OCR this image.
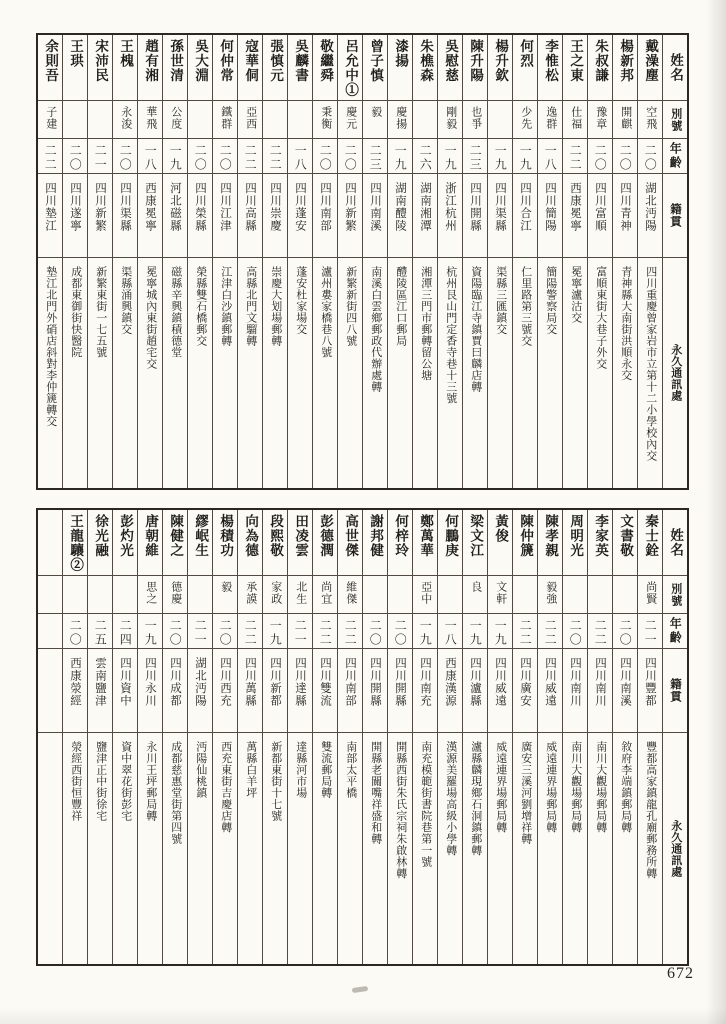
余則吾
子建
二二
四川墊江
墊江北門外硝店斜對李仲篪轉交
王珙
二〇
四川遂寧
成都東御街快醫院
宋沛民
二一
四川新繁
新繁東街一七五號
王槐
永浚
二〇
四川渠縣
渠縣涌興鎮交
趙有湘
華飛
一八
西康冕寧
冕寧城內東街趙宅交
孫世清
公度
一九
河北磁縣
磁縣辛興鎮積德堂
吳大淵
二〇
四川榮縣
榮縣雙石橋郵交
何仲常
鐵群
二〇
四川江津
江津白沙鎮郵轉
寇華侗
亞西
二二
四川高縣
高縣北門文騮轉
張慎元
二二
四川崇慶
崇慶大划場郵轉
吳麟書
一八
四川蓬安
蓬安杜家場交
敬繼舜
秉衡
二〇
四川南部
瀘州婁家橋巷八號
呂允中①
慶元
二〇
四川新繁
新繁新街四八號
曾子慎
毅
二三
四川南溪
南溪白雲鄉郵政代辦處轉
漆揚
慶揚
一九
湖南醴陵
醴陵區江口郵局
朱樵森
二六
湖南湘潭
湘潭三門市郵轉留公塘
吳慰慈
剛毅
一九
浙江杭州
杭州艮山門定香寺巷十三號
陳升陽
也爭
二三
四川開縣
資陽臨江寺鎮賈曰麟店轉
楊升欽
一九
四川渠縣
渠縣三匯鎮交
何烈
少先
一九
四川合江
仁里路第三號交
李惟松
逸群
一八
四川簡陽
簡陽警察局交
王之東
仕福
二二
西康冕寧
冕寧瀘沽交
朱叔謙
豫章
二〇
四川富順
富順東街大巷子外交
楊新邦
開麒
二〇
四川青神
青神縣大南街洪順永交
戴澡塵
空飛
二〇
湖北沔陽
四川重慶曾家岩市立第十二小學校內交
姓名
別號
年齡
籍貫
永久通訊處
王龍驤②
二〇
西康滎經
滎經西街恒豐祥
徐光融
二五
雲南鹽津
鹽津正中街徐宅
彭灼光
二四
四川資中
資中翠花街彭宅
唐朝維
思之
一九
四川永川
永川王坪郵局轉
陳健之
德慶
二〇
四川成都
成都慈惠堂街第四號
繆岷生
二一
湖北沔陽
沔陽仙桃鎮
楊積功
毅
二〇
四川西充
西充東街吉慶店轉
向為德
承謨
二二
四川萬縣
萬縣白羊坪
段熙敬
家政
一九
四川新都
新都東街十七號
田凌雲
北生
二一
四川達縣
達縣河市場
彭德潤
尚宜
二二
四川雙流
雙流郵局轉
高世傑
維傑
二二
四川南部
南部太平橋
謝邦健
二〇
四川開縣
開縣老關嘴祥盛和轉
何梓玲
二〇
四川開縣
開縣西街朱氏宗祠朱啟林轉
鄭萬華
亞中
一九
四川南充
南充模範街書院巷第一號
何鵬庚
一八
西康漢源
漢源美羅場高級小學轉
梁文江
良
一九
四川瀘縣
瀘縣麟現鄉石洞鎮郵轉
黃俊
文軒
一九
四川威遠
威遠連界場郵局轉
陳仲篪
二二
四川廣安
廣安三溪河劉增祥轉
陳孝親
毅強
二二
四川威遠
威遠連界場郵局轉
周明光
二〇
四川南川
南川大觀場郵局轉
李家英
二二
四川南川
南川大觀場郵局轉
文書敬
二〇
四川南溪
敘府李端鎮郵局轉
秦士銓
尚賢
二一
四川豐都
豐都高家鎮龍孔廟郵務所轉
姓名
別號
年齡
籍貫
永久通訊處
672
